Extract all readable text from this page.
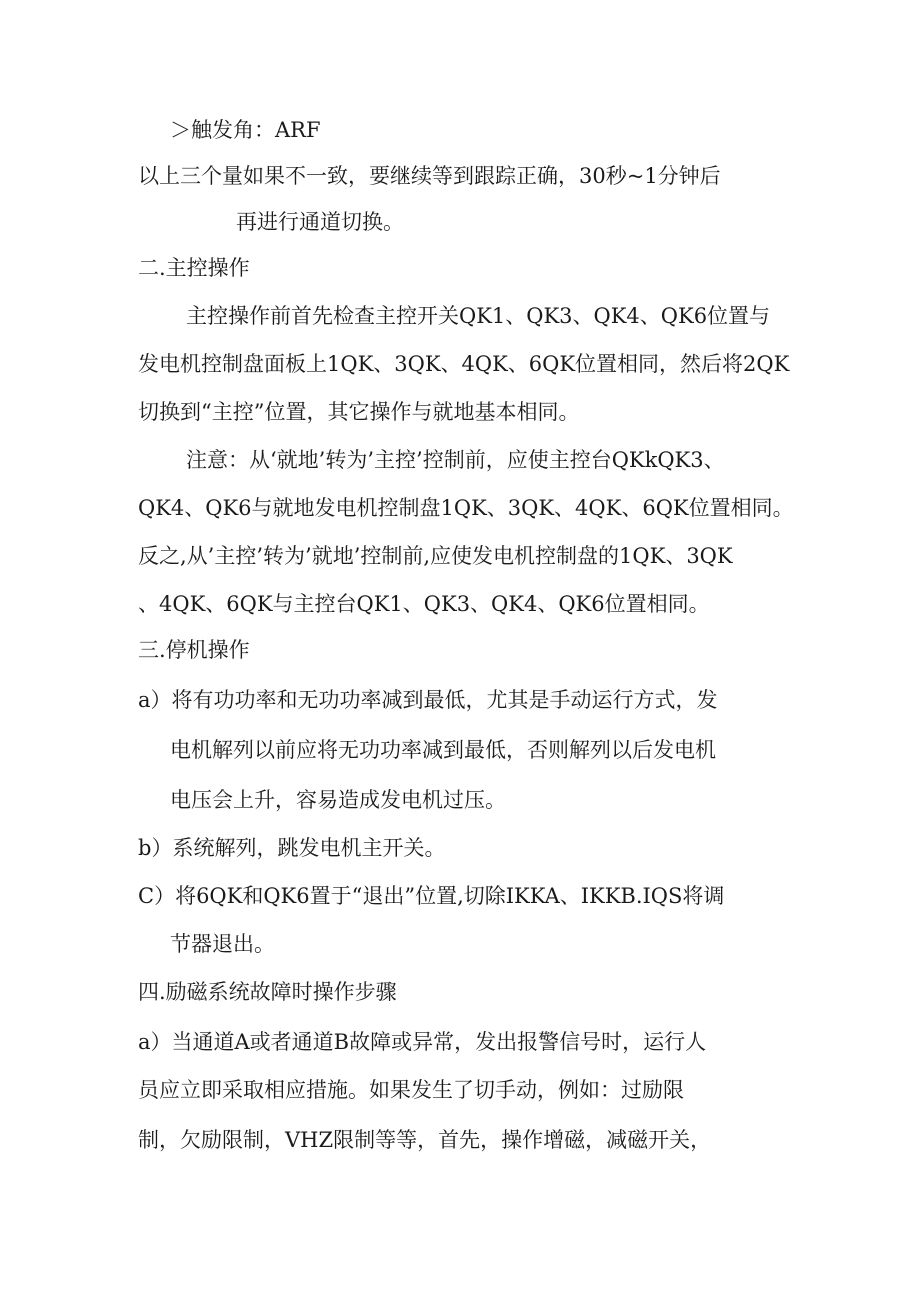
＞触发角：ARF
以上三个量如果不一致，要继续等到跟踪正确，30秒~1分钟后
再进行通道切换。
二.主控操作
主控操作前首先检查主控开关QK1、QK3、QK4、QK6位置与
发电机控制盘面板上1QK、3QK、4QK、6QK位置相同，然后将2QK
切换到“主控”位置，其它操作与就地基本相同。
注意：从‘就地’转为’主控’控制前，应使主控台QKkQK3、
QK4、QK6与就地发电机控制盘1QK、3QK、4QK、6QK位置相同。
反之,从’主控’转为’就地’控制前,应使发电机控制盘的1QK、3QK
、4QK、6QK与主控台QK1、QK3、QK4、QK6位置相同。
三.停机操作
a）将有功功率和无功功率减到最低，尤其是手动运行方式，发
电机解列以前应将无功功率减到最低，否则解列以后发电机
电压会上升，容易造成发电机过压。
b）系统解列，跳发电机主开关。
C）将6QK和QK6置于“退出”位置,切除IKKA、IKKB.IQS将调
节器退出。
四.励磁系统故障时操作步骤
a）当通道A或者通道B故障或异常，发出报警信号时，运行人
员应立即采取相应措施。如果发生了切手动，例如：过励限
制，欠励限制，VHZ限制等等，首先，操作增磁，减磁开关，
